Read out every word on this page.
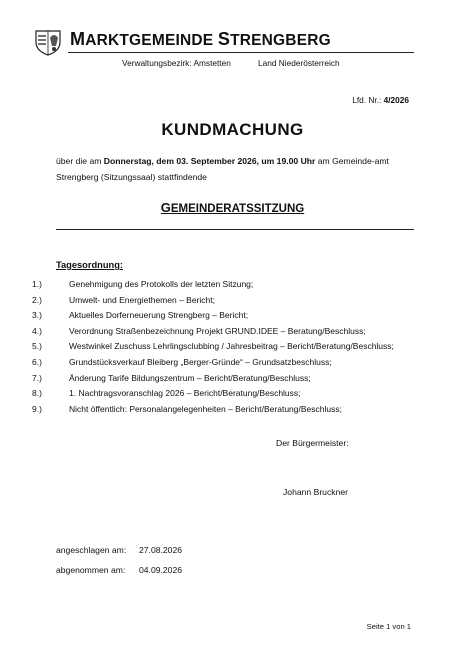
MARKTGEMEINDE STRENGBERG
Verwaltungsbezirk: Amstetten	Land Niederösterreich
Lfd. Nr.: 4/2026
KUNDMACHUNG
über die am Donnerstag, dem 03. September 2026, um 19.00 Uhr am Gemeinde-amt Strengberg (Sitzungssaal) stattfindende
GEMEINDERATSSITZUNG
Tagesordnung:
1.)	Genehmigung des Protokolls der letzten Sitzung;
2.)	Umwelt- und Energiethemen – Bericht;
3.)	Aktuelles Dorferneuerung Strengberg – Bericht;
4.)	Verordnung Straßenbezeichnung Projekt GRUND.IDEE – Beratung/Beschluss;
5.)	Westwinkel Zuschuss Lehrlingsclubbing / Jahresbeitrag – Bericht/Beratung/Beschluss;
6.)	Grundstücksverkauf Bleiberg „Berger-Gründe“ – Grundsatzbeschluss;
7.)	Änderung Tarife Bildungszentrum – Bericht/Beratung/Beschluss;
8.)	1. Nachtragsvoranschlag 2026 – Bericht/Beratung/Beschluss;
9.)	Nicht öffentlich: Personalangelegenheiten – Bericht/Beratung/Beschluss;
Der Bürgermeister:
Johann Bruckner
angeschlagen am: 27.08.2026
abgenommen am: 04.09.2026
Seite 1 von 1
